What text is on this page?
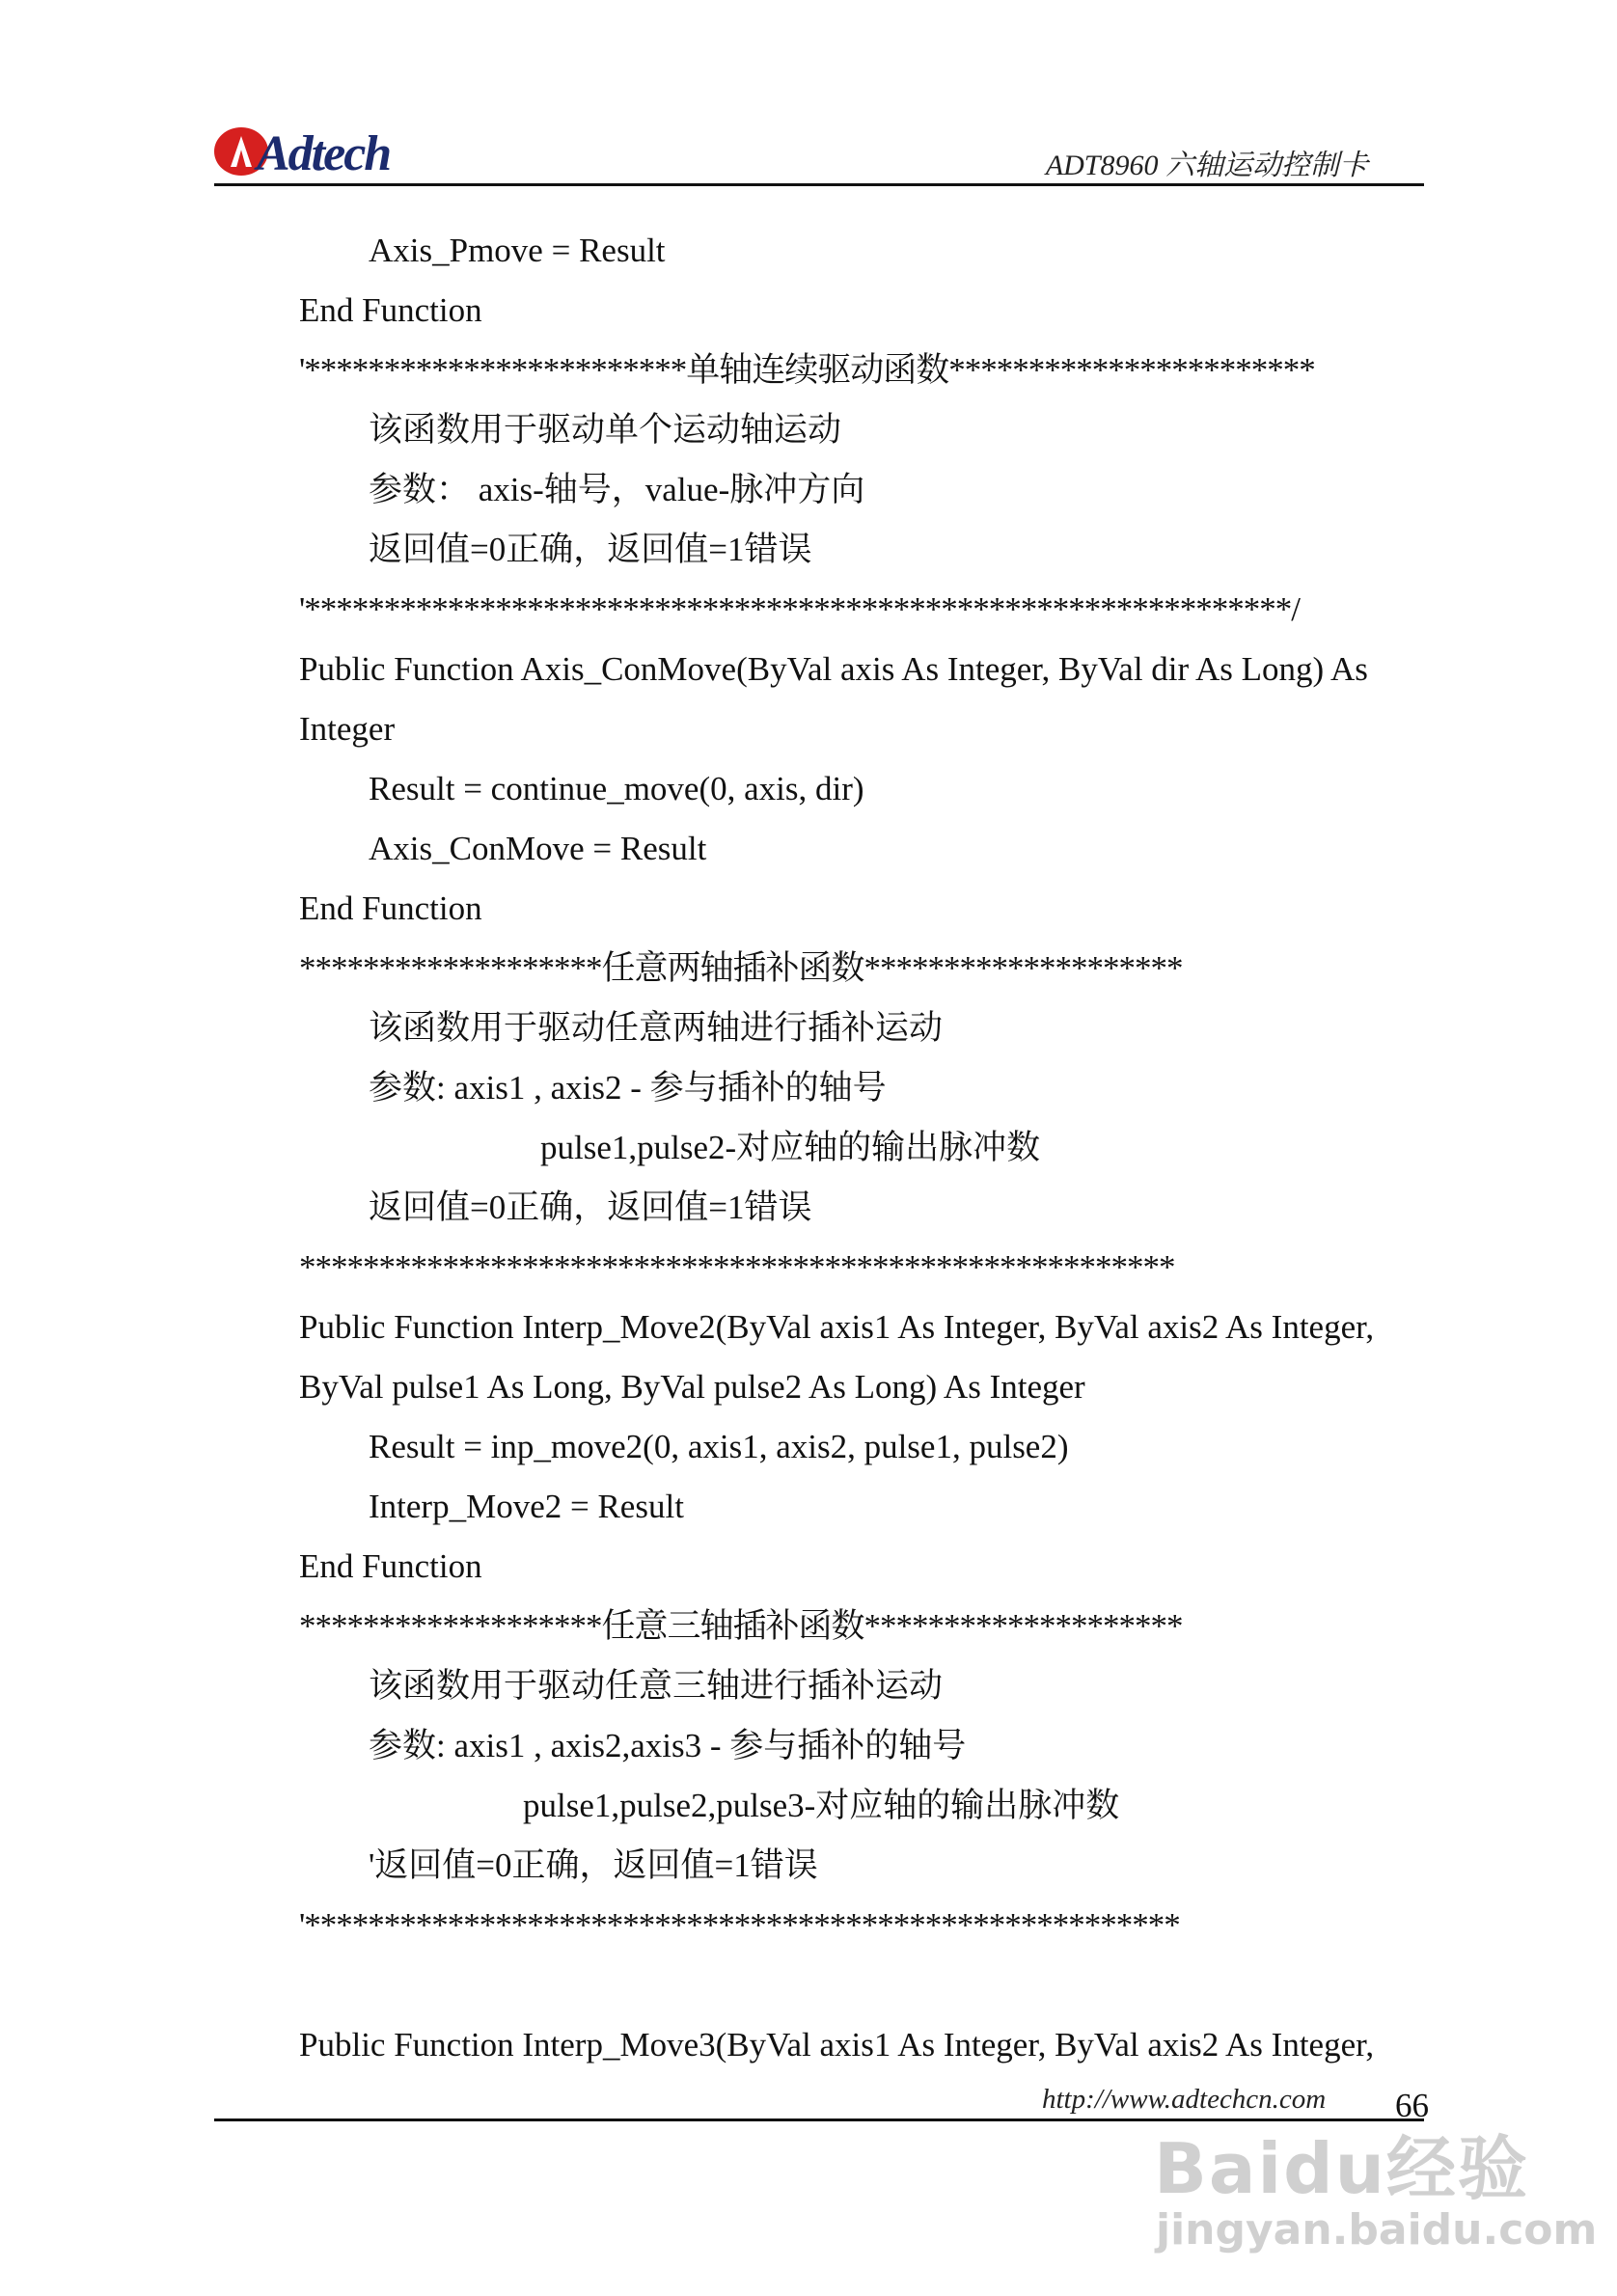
Adtech	ADT8960 六轴运动控制卡
Axis_Pmove = Result
End Function
'************************单轴连续驱动函数***********************
该函数用于驱动单个运动轴运动
参数： axis-轴号，value-脉冲方向
返回值=0正确，返回值=1错误
'**************************************************************/
Public Function Axis_ConMove(ByVal axis As Integer, ByVal dir As Long) As
Integer
Result = continue_move(0, axis, dir)
Axis_ConMove = Result
End Function
*******************任意两轴插补函数********************
该函数用于驱动任意两轴进行插补运动
参数: axis1 , axis2 - 参与插补的轴号
pulse1,pulse2-对应轴的输出脉冲数
返回值=0正确，返回值=1错误
*******************************************************
Public Function Interp_Move2(ByVal axis1 As Integer, ByVal axis2 As Integer,
ByVal pulse1 As Long, ByVal pulse2 As Long) As Integer
Result = inp_move2(0, axis1, axis2, pulse1, pulse2)
Interp_Move2 = Result
End Function
*******************任意三轴插补函数********************
该函数用于驱动任意三轴进行插补运动
参数: axis1 , axis2,axis3 - 参与插补的轴号
pulse1,pulse2,pulse3-对应轴的输出脉冲数
'返回值=0正确，返回值=1错误
'*******************************************************
Public Function Interp_Move3(ByVal axis1 As Integer, ByVal axis2 As Integer,
http://www.adtechcn.com 66
Baidu经验
jingyan.baidu.com
